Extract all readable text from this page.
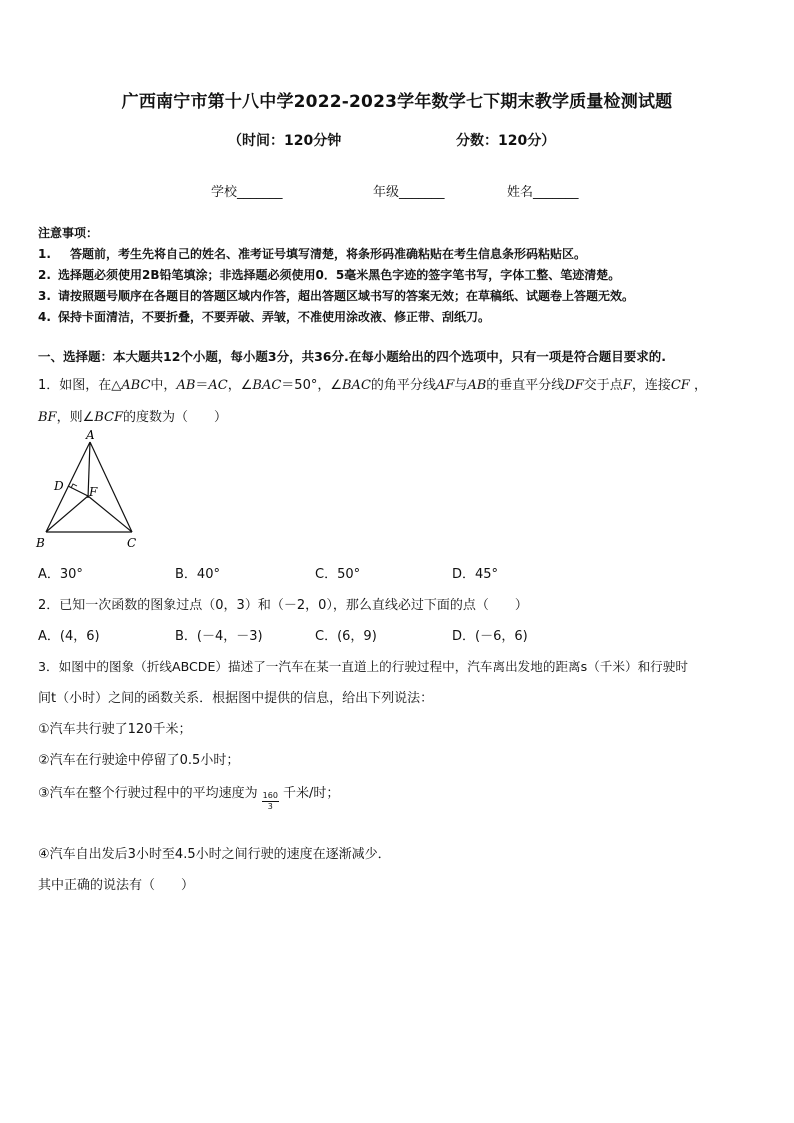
广西南宁市第十八中学2022-2023学年数学七下期末教学质量检测试题
（时间：120分钟	分数：120分）
学校_______	年级_______	姓名_______
注意事项：
1.　答题前，考生先将自己的姓名、准考证号填写清楚，将条形码准确粘贴在考生信息条形码粘贴区。
2. 选择题必须使用2B铅笔填涂；非选择题必须使用0．5毫米黑色字迹的签字笔书写，字体工整、笔迹清楚。
3. 请按照题号顺序在各题目的答题区域内作答，超出答题区域书写的答案无效；在草稿纸、试题卷上答题无效。
4. 保持卡面清洁，不要折叠，不要弄破、弄皱，不准使用涂改液、修正带、刮纸刀。
一、选择题：本大题共12个小题，每小题3分，共36分.在每小题给出的四个选项中，只有一项是符合题目要求的.
1．如图，在△ABC中，AB＝AC，∠BAC＝50°，∠BAC的角平分线AF与AB的垂直平分线DF交于点F，连接CF ，
BF，则∠BCF的度数为（　　）
A
B	C
D F
A．30°	B．40°	C．50°	D．45°
2．已知一次函数的图象过点（0，3）和（－2，0），那么直线必过下面的点（　　）
A．(4，6)	B．(－4，－3)	C．(6，9)	D．(－6，6)
3．如图中的图象（折线ABCDE）描述了一汽车在某一直道上的行驶过程中，汽车离出发地的距离s（千米）和行驶时
间t（小时）之间的函数关系．根据图中提供的信息，给出下列说法：
①汽车共行驶了120千米；
②汽车在行驶途中停留了0.5小时；
③汽车在整个行驶过程中的平均速度为 $\frac{160}{3}$ 千米/时；
④汽车自出发后3小时至4.5小时之间行驶的速度在逐渐减少．
其中正确的说法有（　　）
